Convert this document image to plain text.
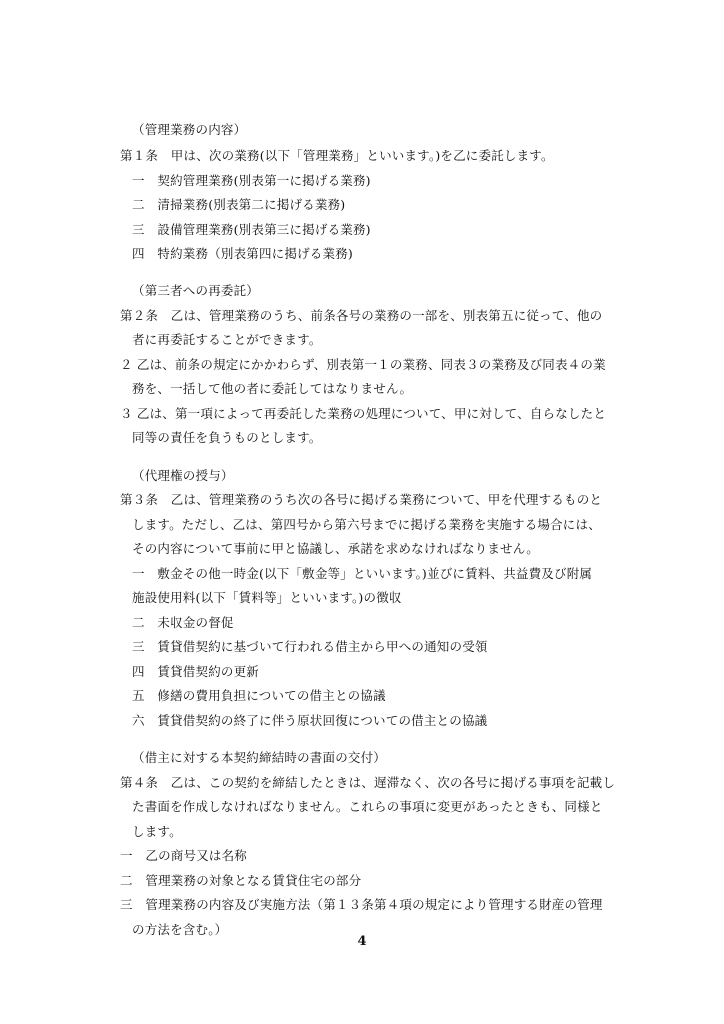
（管理業務の内容）
第１条　甲は、次の業務(以下「管理業務」といいます。)を乙に委託します。
一　契約管理業務(別表第一に掲げる業務)
二　清掃業務(別表第二に掲げる業務)
三　設備管理業務(別表第三に掲げる業務)
四　特約業務（別表第四に掲げる業務)
（第三者への再委託）
第２条　乙は、管理業務のうち、前条各号の業務の一部を、別表第五に従って、他の
者に再委託することができます。
２ 乙は、前条の規定にかかわらず、別表第一１の業務、同表３の業務及び同表４の業
務を、一括して他の者に委託してはなりません。
３ 乙は、第一項によって再委託した業務の処理について、甲に対して、自らなしたと
同等の責任を負うものとします。
（代理権の授与）
第３条　乙は、管理業務のうち次の各号に掲げる業務について、甲を代理するものと
します。ただし、乙は、第四号から第六号までに掲げる業務を実施する場合には、
その内容について事前に甲と協議し、承諾を求めなければなりません。
一　敷金その他一時金(以下「敷金等」といいます。)並びに賃料、共益費及び附属
施設使用料(以下「賃料等」といいます。)の徴収
二　未収金の督促
三　賃貸借契約に基づいて行われる借主から甲への通知の受領
四　賃貸借契約の更新
五　修繕の費用負担についての借主との協議
六　賃貸借契約の終了に伴う原状回復についての借主との協議
（借主に対する本契約締結時の書面の交付）
第４条　乙は、この契約を締結したときは、遅滞なく、次の各号に掲げる事項を記載し
た書面を作成しなければなりません。これらの事項に変更があったときも、同様と
します。
一　乙の商号又は名称
二　管理業務の対象となる賃貸住宅の部分
三　管理業務の内容及び実施方法（第１３条第４項の規定により管理する財産の管理
の方法を含む。）
4
